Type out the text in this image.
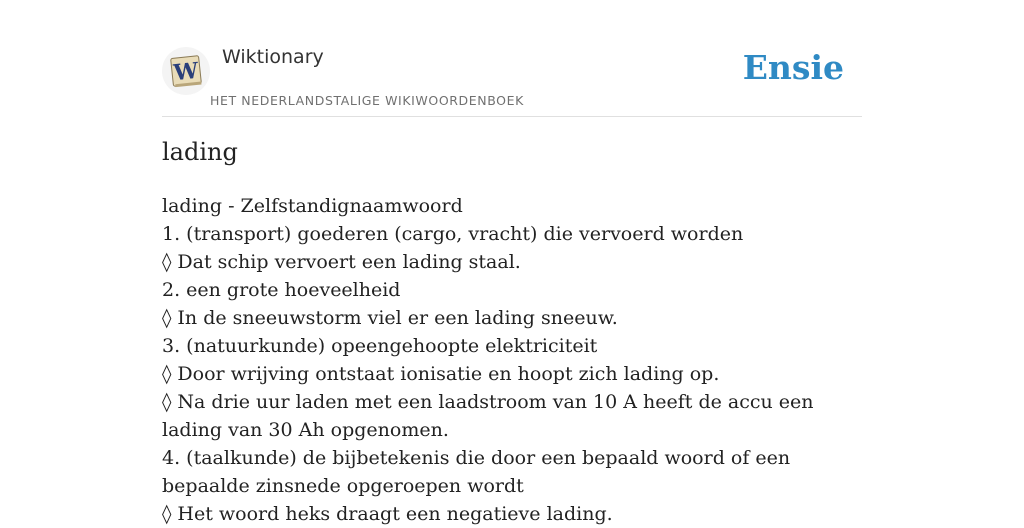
W
Wiktionary
HET NEDERLANDSTALIGE WIKIWOORDENBOEK
Ensie
lading
lading - Zelfstandignaamwoord
1. (transport) goederen (cargo, vracht) die vervoerd worden
◊ Dat schip vervoert een lading staal.
2. een grote hoeveelheid
◊ In de sneeuwstorm viel er een lading sneeuw.
3. (natuurkunde) opeengehoopte elektriciteit
◊ Door wrijving ontstaat ionisatie en hoopt zich lading op.
◊ Na drie uur laden met een laadstroom van 10 A heeft de accu een lading van 30 Ah opgenomen.
4. (taalkunde) de bijbetekenis die door een bepaald woord of een bepaalde zinsnede opgeroepen wordt
◊ Het woord heks draagt een negatieve lading.
